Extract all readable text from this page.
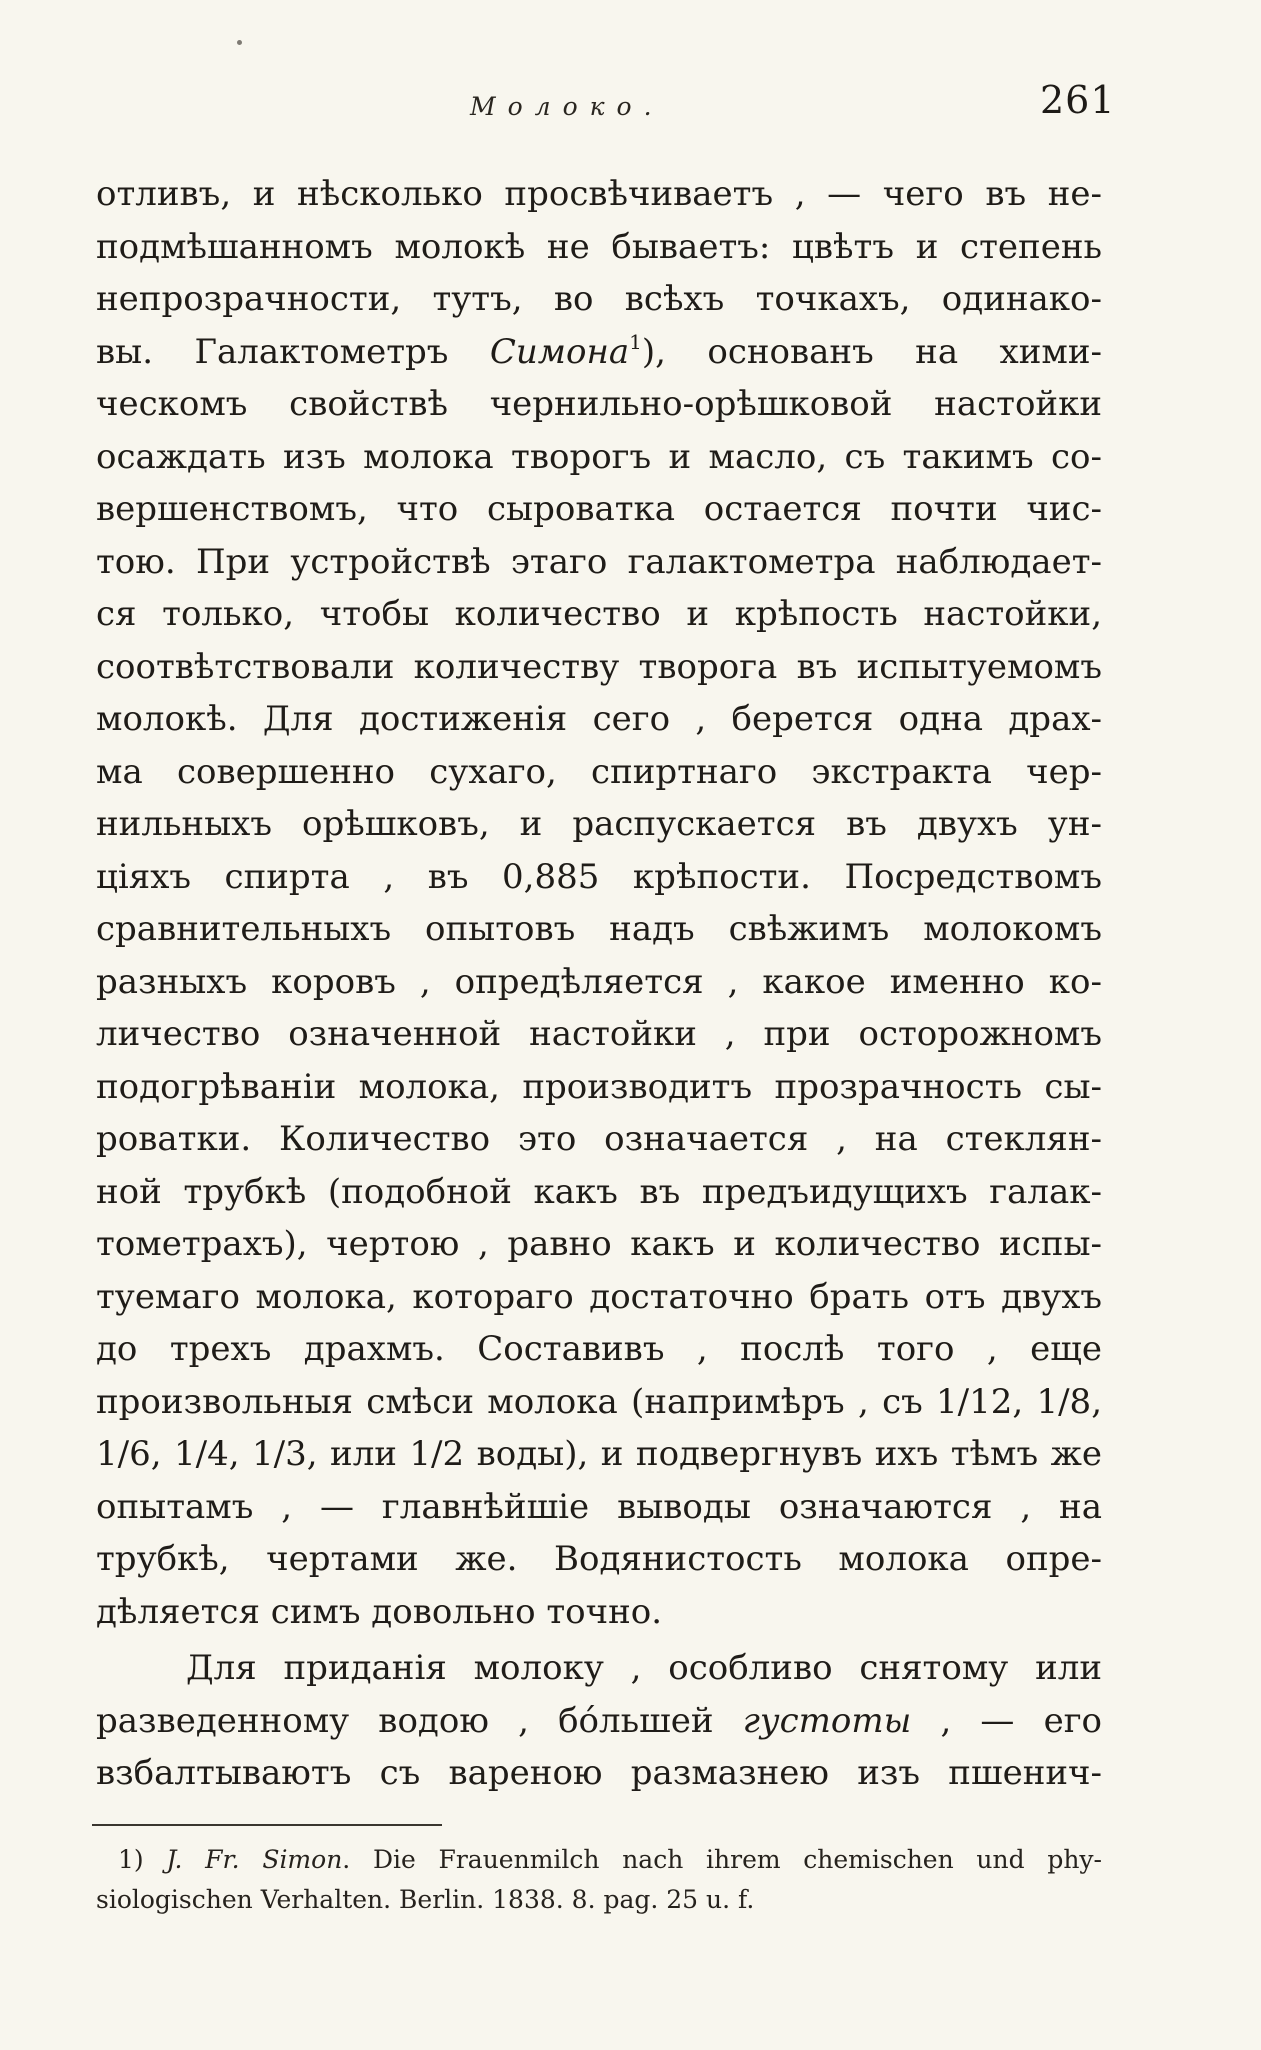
Молоко.	261
отливъ, и нѣсколько просвѣчиваетъ , — чего въ не-
подмѣшанномъ молокѣ не бываетъ: цвѣтъ и степень
непрозрачности, тутъ, во всѣхъ точкахъ, одинако-
вы. Галактометръ Симона$^1$), основанъ на хими-
ческомъ свойствѣ чернильно-орѣшковой настойки
осаждать изъ молока творогъ и масло, съ такимъ со-
вершенствомъ, что сыроватка остается почти чис-
тою. При устройствѣ этаго галактометра наблюдает-
ся только, чтобы количество и крѣпость настойки,
соотвѣтствовали количеству творога въ испытуемомъ
молокѣ. Для достиженія сего , берется одна драх-
ма совершенно сухаго, спиртнаго экстракта чер-
нильныхъ орѣшковъ, и распускается въ двухъ ун-
ціяхъ спирта , въ 0,885 крѣпости. Посредствомъ
сравнительныхъ опытовъ надъ свѣжимъ молокомъ
разныхъ коровъ , опредѣляется , какое именно ко-
личество означенной настойки , при осторожномъ
подогрѣваніи молока, производитъ прозрачность сы-
роватки. Количество это означается , на стеклян-
ной трубкѣ (подобной какъ въ предъидущихъ галак-
тометрахъ), чертою , равно какъ и количество испы-
туемаго молока, котораго достаточно брать отъ двухъ
до трехъ драхмъ. Составивъ , послѣ того , еще
произвольныя смѣси молока (напримѣръ , съ 1/12, 1/8,
1/6, 1/4, 1/3, или 1/2 воды), и подвергнувъ ихъ тѣмъ же
опытамъ , — главнѣйшіе выводы означаются , на
трубкѣ, чертами же. Водянистость молока опре-
дѣляется симъ довольно точно.
Для приданія молоку , особливо снятому или
разведенному водою , бóльшей густоты , — его
взбалтываютъ съ вареною размазнею изъ пшенич-
1) J. Fr. Simon. Die Frauenmilch nach ihrem chemischen und phy-
siologischen Verhalten. Berlin. 1838. 8. pag. 25 u. f.
